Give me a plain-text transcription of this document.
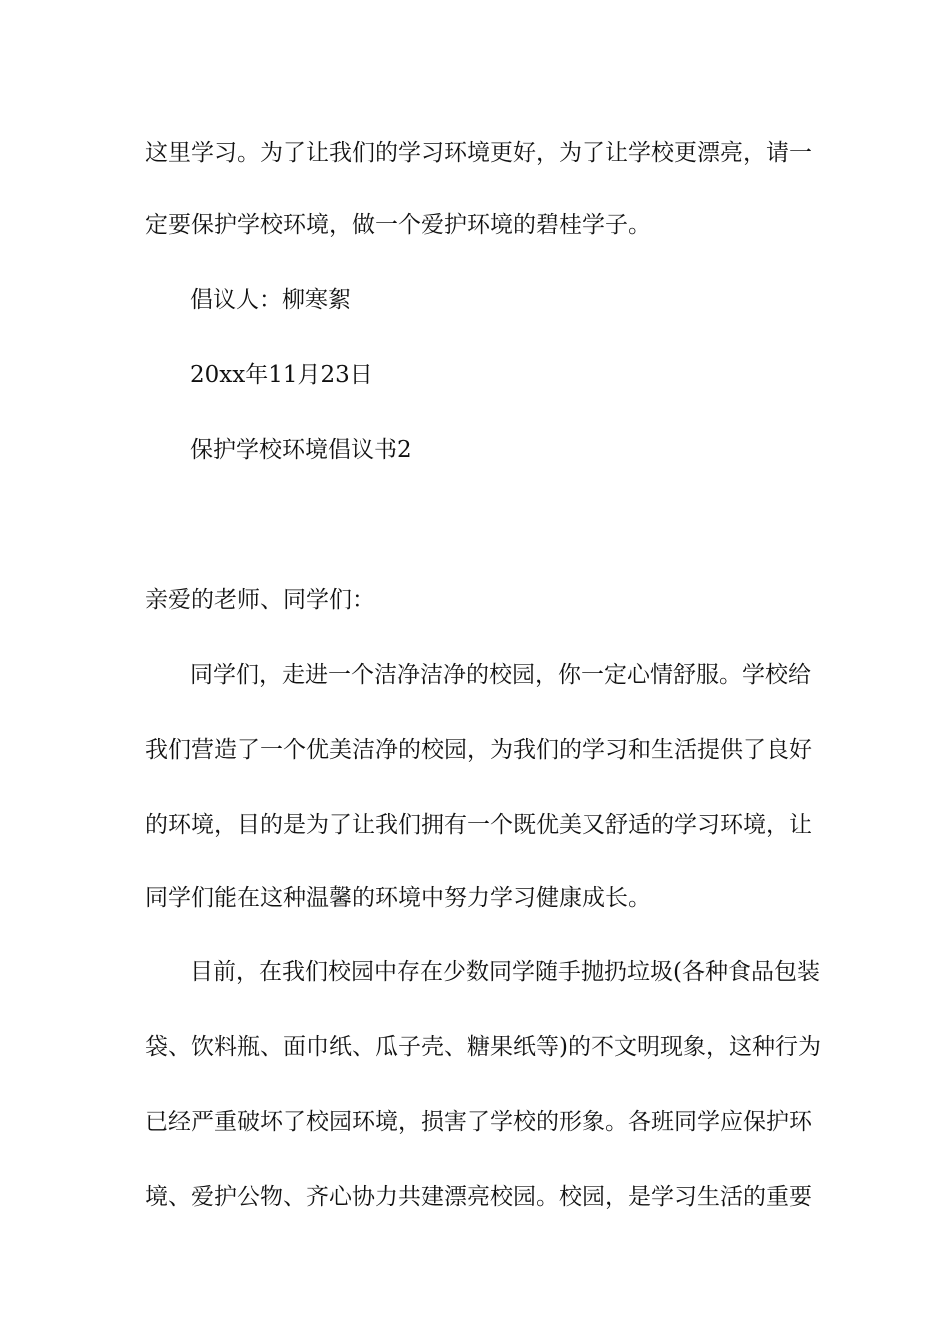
这里学习。为了让我们的学习环境更好，为了让学校更漂亮，请一
定要保护学校环境，做一个爱护环境的碧桂学子。
倡议人：柳寒絮
20xx年11月23日
保护学校环境倡议书2
亲爱的老师、同学们：
同学们，走进一个洁净洁净的校园，你一定心情舒服。学校给
我们营造了一个优美洁净的校园，为我们的学习和生活提供了良好
的环境，目的是为了让我们拥有一个既优美又舒适的学习环境，让
同学们能在这种温馨的环境中努力学习健康成长。
目前，在我们校园中存在少数同学随手抛扔垃圾(各种食品包装
袋、饮料瓶、面巾纸、瓜子壳、糖果纸等)的不文明现象，这种行为
已经严重破坏了校园环境，损害了学校的形象。各班同学应保护环
境、爱护公物、齐心协力共建漂亮校园。校园，是学习生活的重要
